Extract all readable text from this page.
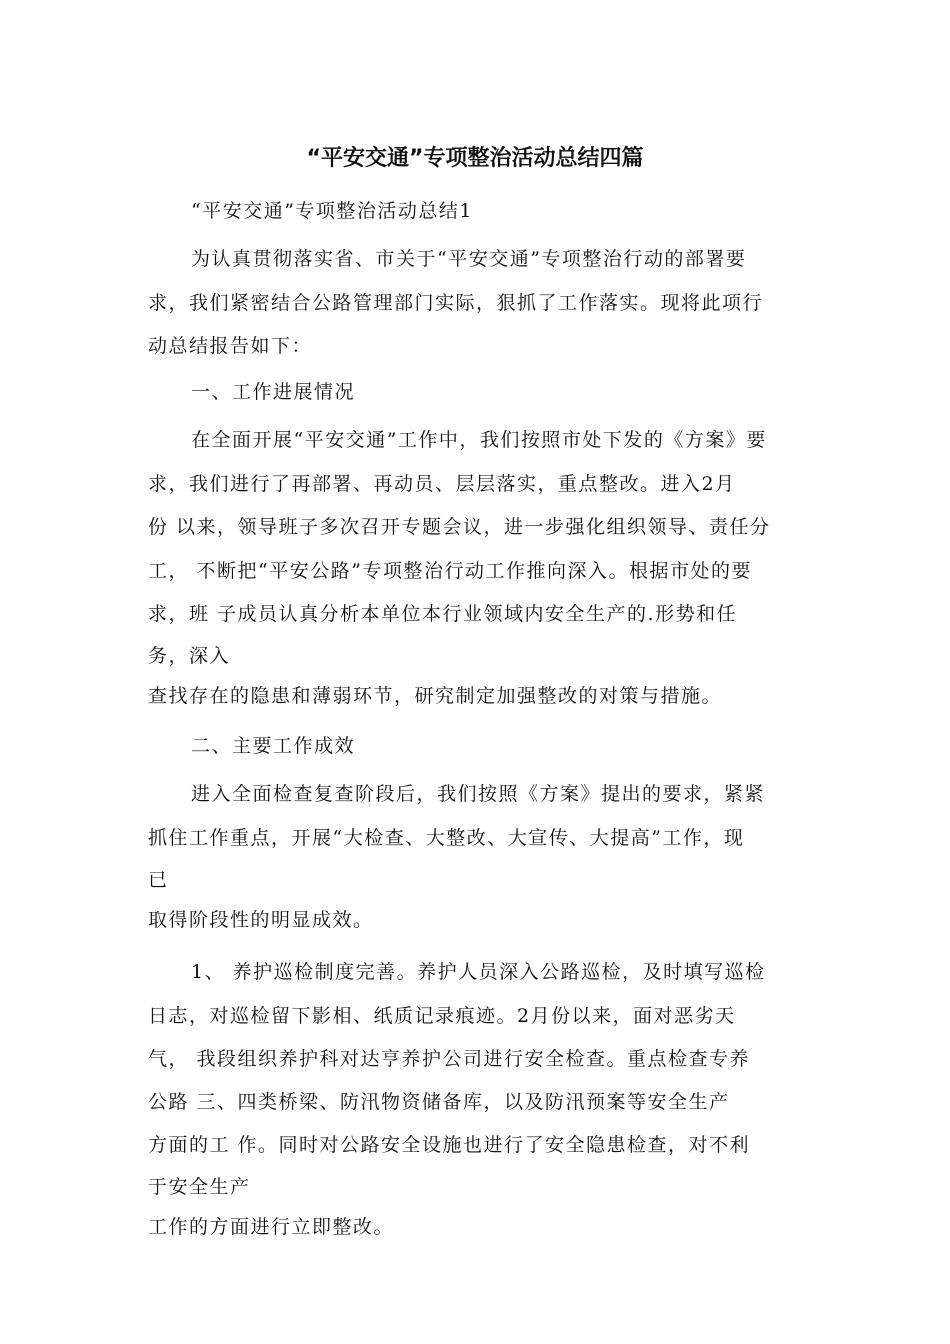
“平安交通”专项整治活动总结四篇
“平安交通”专项整治活动总结1
为认真贯彻落实省、市关于“平安交通”专项整治行动的部署要
求，我们紧密结合公路管理部门实际，狠抓了工作落实。现将此项行
动总结报告如下：
一、工作进展情况
在全面开展“平安交通”工作中，我们按照市处下发的《方案》要
求，我们进行了再部署、再动员、层层落实，重点整改。进入2月
份 以来，领导班子多次召开专题会议，进一步强化组织领导、责任分
工， 不断把“平安公路”专项整治行动工作推向深入。根据市处的要
求，班 子成员认真分析本单位本行业领域内安全生产的.形势和任
务，深入
查找存在的隐患和薄弱环节，研究制定加强整改的对策与措施。
二、主要工作成效
进入全面检查复查阶段后，我们按照《方案》提出的要求，紧紧
抓住工作重点，开展“大检查、大整改、大宣传、大提高”工作，现
已
取得阶段性的明显成效。
1、 养护巡检制度完善。养护人员深入公路巡检，及时填写巡检
日志，对巡检留下影相、纸质记录痕迹。2月份以来，面对恶劣天
气， 我段组织养护科对达亨养护公司进行安全检查。重点检查专养
公路 三、四类桥梁、防汛物资储备库，以及防汛预案等安全生产
方面的工 作。同时对公路安全设施也进行了安全隐患检查，对不利
于安全生产
工作的方面进行立即整改。
